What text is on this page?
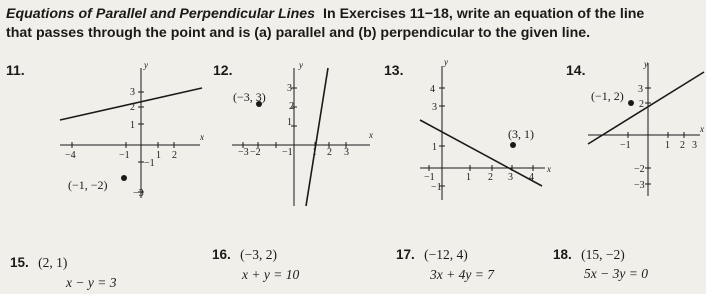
Equations of Parallel and Perpendicular Lines In Exercises 11−18, write an equation of the line
that passes through the point and is (a) parallel and (b) perpendicular to the given line.
11.
x
y
3
2
1
−4	−1	1 2
−1
−3
(−1, −2)
12.
x
y
3
2
1
−3 −2 −1 1 2 3
(−3, 3)
13.
x
y
4
3
1
−1	1 2 3 4
−1
(3, 1)
14.
x
y
3
2
−1	1 2 3
−2
−3
(−1, 2)
15. (2, 1)
x − y = 3
16. (−3, 2)
x + y = 10
17. (−12, 4)
3x + 4y = 7
18. (15, −2)
5x − 3y = 0
